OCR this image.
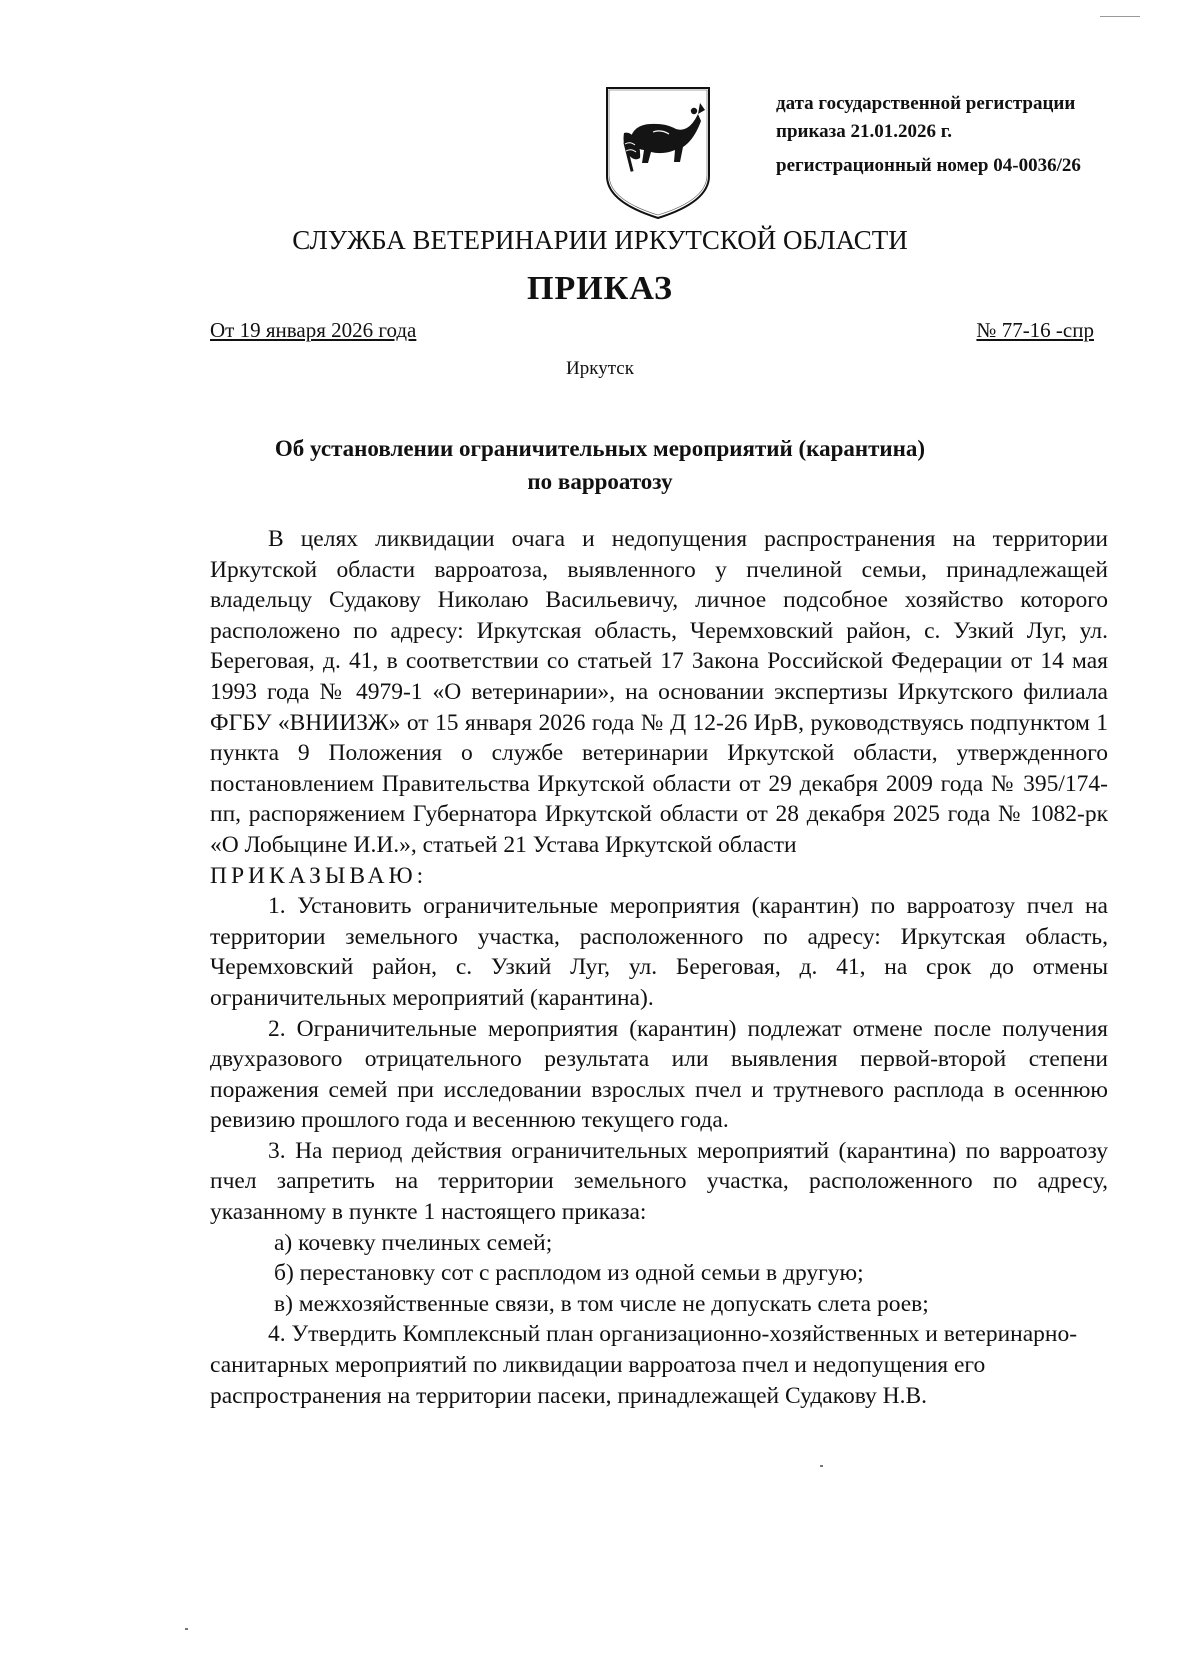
дата государственной регистрации
приказа 21.01.2026 г.
регистрационный номер 04-0036/26
СЛУЖБА ВЕТЕРИНАРИИ ИРКУТСКОЙ ОБЛАСТИ
ПРИКАЗ
От 19 января 2026 года	№ 77-16 -спр
Иркутск
Об установлении ограничительных мероприятий (карантина)
по варроатозу

В целях ликвидации очага и недопущения распространения на территории Иркутской области варроатоза, выявленного у пчелиной семьи, принадлежащей владельцу Судакову Николаю Васильевичу, личное подсобное хозяйство которого расположено по адресу: Иркутская область, Черемховский район, с. Узкий Луг, ул. Береговая, д. 41, в соответствии со статьей 17 Закона Российской Федерации от 14 мая 1993 года № 4979-1 «О ветеринарии», на основании экспертизы Иркутского филиала ФГБУ «ВНИИЗЖ» от 15 января 2026 года № Д 12-26 ИрВ, руководствуясь подпунктом 1 пункта 9 Положения о службе ветеринарии Иркутской области, утвержденного постановлением Правительства Иркутской области от 29 декабря 2009 года № 395/174-пп, распоряжением Губернатора Иркутской области от 28 декабря 2025 года № 1082-рк «О Лобыцине И.И.», статьей 21 Устава Иркутской области

ПРИКАЗЫВАЮ:

1. Установить ограничительные мероприятия (карантин) по варроатозу пчел на территории земельного участка, расположенного по адресу: Иркутская область, Черемховский район, с. Узкий Луг, ул. Береговая, д. 41, на срок до отмены ограничительных мероприятий (карантина).

2. Ограничительные мероприятия (карантин) подлежат отмене после получения двухразового отрицательного результата или выявления первой-второй степени поражения семей при исследовании взрослых пчел и трутневого расплода в осеннюю ревизию прошлого года и весеннюю текущего года.

3. На период действия ограничительных мероприятий (карантина) по варроатозу пчел запретить на территории земельного участка, расположенного по адресу, указанному в пункте 1 настоящего приказа:

а) кочевку пчелиных семей;

б) перестановку сот с расплодом из одной семьи в другую;

в) межхозяйственные связи, в том числе не допускать слета роев;

4. Утвердить Комплексный план организационно-хозяйственных и ветеринарно-санитарных мероприятий по ликвидации варроатоза пчел и недопущения его распространения на территории пасеки, принадлежащей Судакову Н.В.
